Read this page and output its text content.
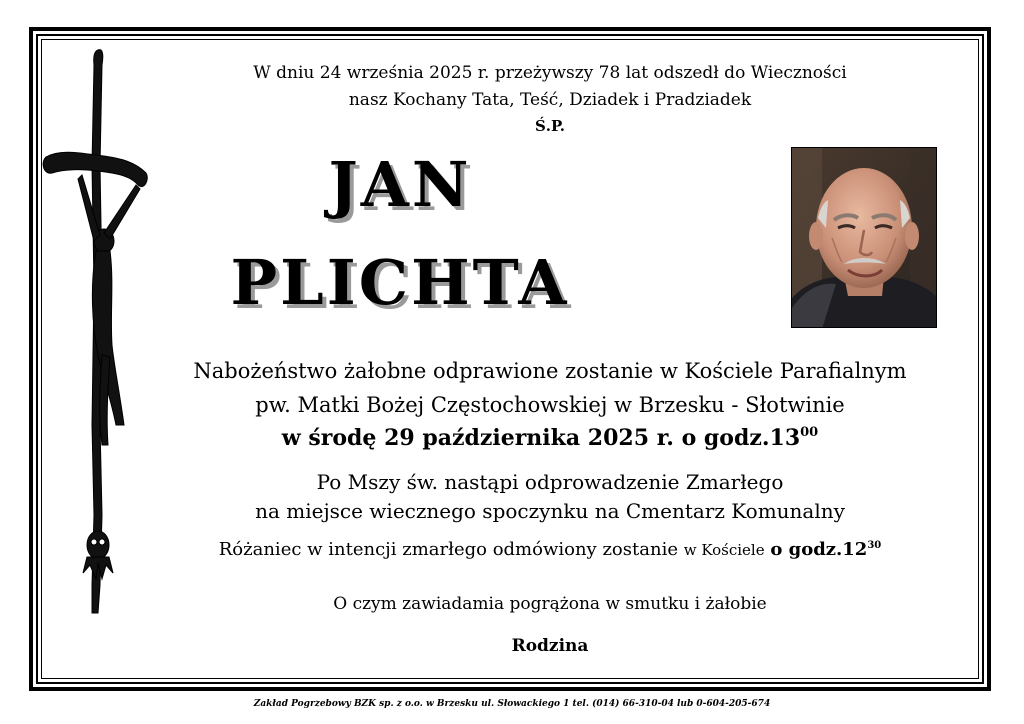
W dniu 24 września 2025 r. przeżywszy 78 lat odszedł do Wieczności
nasz Kochany Tata, Teść, Dziadek i Pradziadek
Ś.P.
JAN
PLICHTA
Nabożeństwo żałobne odprawione zostanie w Kościele Parafialnym
pw. Matki Bożej Częstochowskiej w Brzesku - Słotwinie
w środę 29 października 2025 r. o $godz.13^{00}$
Po Mszy św. nastąpi odprowadzenie Zmarłego
na miejsce wiecznego spoczynku na Cmentarz Komunalny
Różaniec w intencji zmarłego odmówiony zostanie w Kościele o $godz.12^{30}$
O czym zawiadamia pogrążona w smutku i żałobie
Rodzina
Zakład Pogrzebowy BZK sp. z o.o. w Brzesku ul. Słowackiego 1 tel. (014) 66-310-04 lub 0-604-205-674
